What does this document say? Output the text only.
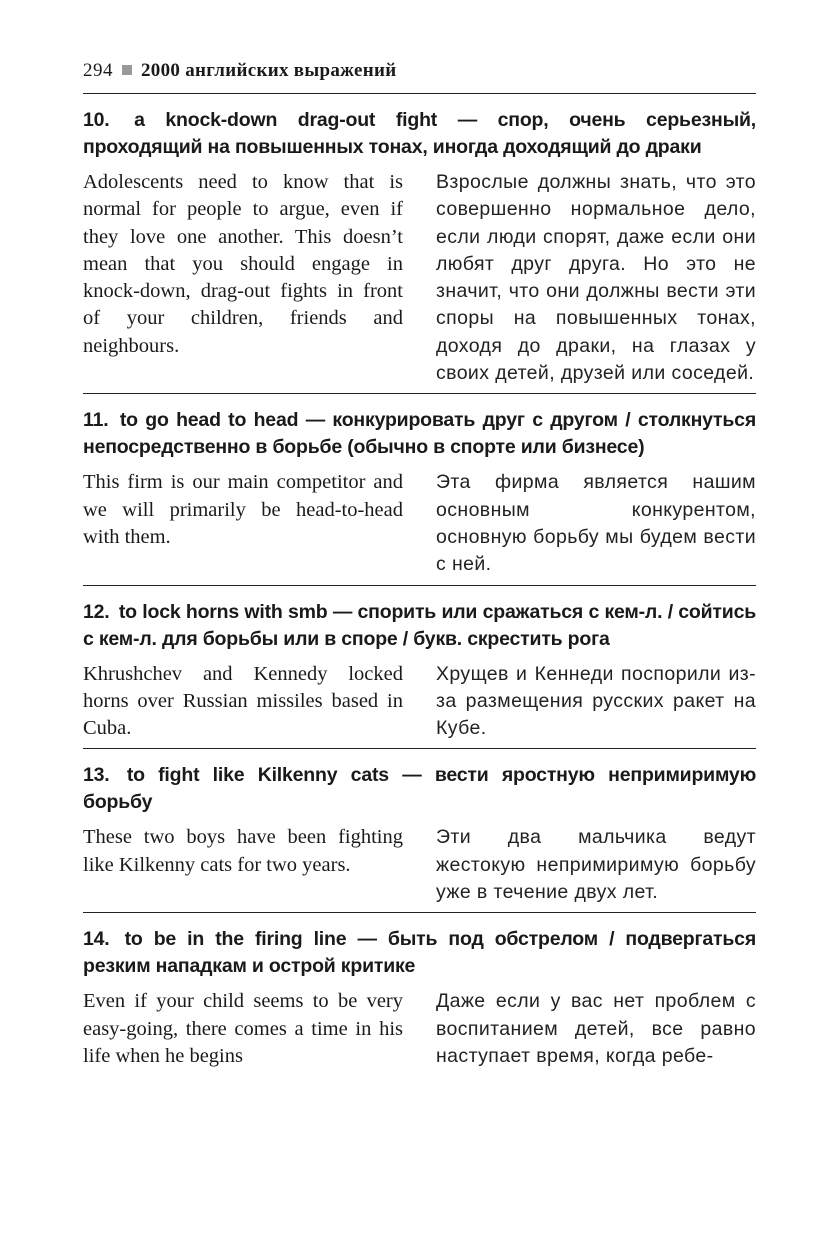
294 2000 английских выражений
10. a knock-down drag-out fight — спор, очень серьезный, проходящий на повышенных тонах, иногда доходящий до драки
Adolescents need to know that is normal for people to argue, even if they love one another. This doesn’t mean that you should engage in knock-down, drag-out fights in front of your children, friends and neighbours.
Взрослые должны знать, что это совершенно нормальное дело, если люди спорят, даже если они любят друг друга. Но это не значит, что они должны вести эти споры на повышенных тонах, доходя до драки, на глазах у своих детей, друзей или соседей.
11. to go head to head — конкурировать друг с другом / столкнуться непосредственно в борьбе (обычно в спорте или бизнесе)
This firm is our main competitor and we will primarily be head-to-head with them.
Эта фирма является нашим основным конкурентом, основную борьбу мы будем вести с ней.
12. to lock horns with smb — спорить или сражаться с кем-л. / сойтись с кем-л. для борьбы или в споре / букв. скрестить рога
Khrushchev and Kennedy locked horns over Russian missiles based in Cuba.
Хрущев и Кеннеди поспорили из-за размещения русских ракет на Кубе.
13. to fight like Kilkenny cats — вести яростную непримиримую борьбу
These two boys have been fighting like Kilkenny cats for two years.
Эти два мальчика ведут жестокую непримиримую борьбу уже в течение двух лет.
14. to be in the firing line — быть под обстрелом / подвергаться резким нападкам и острой критике
Even if your child seems to be very easy-going, there comes a time in his life when he begins
Даже если у вас нет проблем с воспитанием детей, все равно наступает время, когда ребе-
